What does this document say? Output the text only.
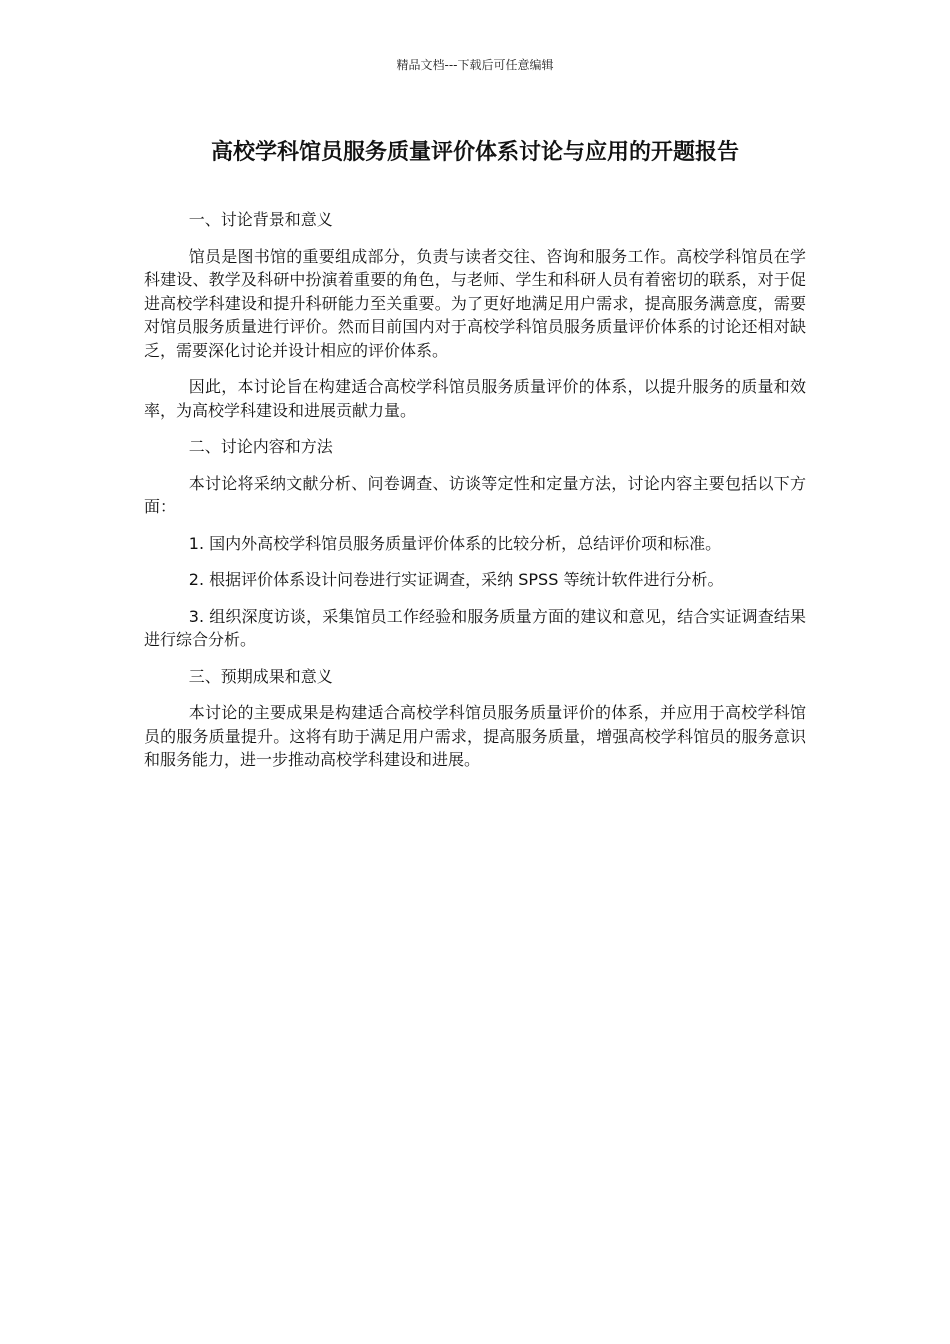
精品文档---下载后可任意编辑
高校学科馆员服务质量评价体系讨论与应用的开题报告

一、讨论背景和意义

馆员是图书馆的重要组成部分，负责与读者交往、咨询和服务工作。高校学科馆员在学科建设、教学及科研中扮演着重要的角色，与老师、学生和科研人员有着密切的联系，对于促进高校学科建设和提升科研能力至关重要。为了更好地满足用户需求，提高服务满意度，需要对馆员服务质量进行评价。然而目前国内对于高校学科馆员服务质量评价体系的讨论还相对缺乏，需要深化讨论并设计相应的评价体系。

因此，本讨论旨在构建适合高校学科馆员服务质量评价的体系，以提升服务的质量和效率，为高校学科建设和进展贡献力量。

二、讨论内容和方法

本讨论将采纳文献分析、问卷调查、访谈等定性和定量方法，讨论内容主要包括以下方面：

1. 国内外高校学科馆员服务质量评价体系的比较分析，总结评价项和标准。

2. 根据评价体系设计问卷进行实证调查，采纳 SPSS 等统计软件进行分析。

3. 组织深度访谈，采集馆员工作经验和服务质量方面的建议和意见，结合实证调查结果进行综合分析。

三、预期成果和意义

本讨论的主要成果是构建适合高校学科馆员服务质量评价的体系，并应用于高校学科馆员的服务质量提升。这将有助于满足用户需求，提高服务质量，增强高校学科馆员的服务意识和服务能力，进一步推动高校学科建设和进展。
